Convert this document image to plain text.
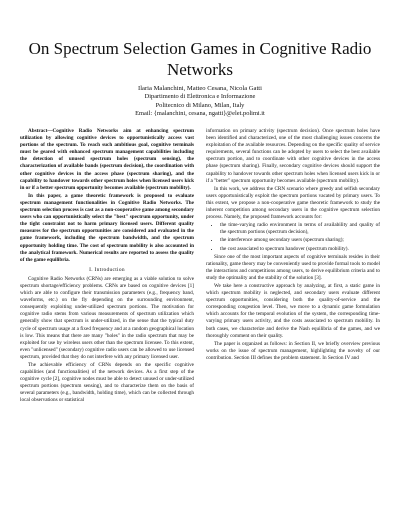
On Spectrum Selection Games in Cognitive Radio Networks
Ilaria Malanchini, Matteo Cesana, Nicola Gatti
Dipartimento di Elettronica e Informazione
Politecnico di Milano, Milan, Italy
Email: {malanchini, cesana, ngatti}@elet.polimi.it

Abstract—Cognitive Radio Networks aim at enhancing spectrum utilization by allowing cognitive devices to opportunistically access vast portions of the spectrum. To reach such ambitious goal, cognitive terminals must be geared with enhanced spectrum management capabilities including the detection of unused spectrum holes (spectrum sensing), the characterization of available bands (spectrum decision), the coordination with other cognitive devices in the access phase (spectrum sharing), and the capability to handover towards other spectrum holes when licensed users kick in or if a better spectrum opportunity becomes available (spectrum mobility).

In this paper, a game theoretic framework is proposed to evaluate spectrum management functionalities in Cognitive Radio Networks. The spectrum selection process is cast as a non-cooperative game among secondary users who can opportunistically select the "best" spectrum opportunity, under the tight constraint not to harm primary licensed users. Different quality measures for the spectrum opportunities are considered and evaluated in the game framework, including the spectrum bandwidth, and the spectrum opportunity holding time. The cost of spectrum mobility is also accounted in the analytical framework. Numerical results are reported to assess the quality of the game equilibria.

I. Introduction

Cognitive Radio Networks (CRNs) are emerging as a viable solution to solve spectrum shortage/efficiency problems. CRNs are based on cognitive devices [1] which are able to configure their transmission parameters (e.g., frequency band, waveforms, etc.) on the fly depending on the surrounding environment, consequently exploiting under-utilized spectrum portions. The motivation for cognitive radio stems from various measurements of spectrum utilization which generally show that spectrum is under-utilized, in the sense that the typical duty cycle of spectrum usage at a fixed frequency and at a random geographical location is low. This means that there are many "holes" in the radio spectrum that may be exploited for use by wireless users other than the spectrum licensee. To this extent, even "unlicensed" (secondary) cognitive radio users can be allowed to use licensed spectrum, provided that they do not interfere with any primary licensed user.

The achievable efficiency of CRNs depends on the specific cognitive capabilities (and functionalities) of the network devices. As a first step of the cognitive cycle [2], cognitive nodes must be able to detect unused or under-utilized spectrum portions (spectrum sensing), and to characterize them on the basis of several parameters (e.g., bandwidth, holding time), which can be collected through local observations or statistical

information on primary activity (spectrum decision). Once spectrum holes have been identified and characterized, one of the most challenging issues concerns the exploitation of the available resources. Depending on the specific quality of service requirements, several functions can be adopted by users to select the best available spectrum portion, and to coordinate with other cognitive devices in the access phase (spectrum sharing). Finally, secondary cognitive devices should support the capability to handover towards other spectrum holes when licensed users kick in or if a "better" spectrum opportunity becomes available (spectrum mobility).

In this work, we address the CRN scenario where greedy and selfish secondary users opportunistically exploit the spectrum portions vacated by primary users. To this extent, we propose a non-cooperative game theoretic framework to study the inherent competition among secondary users in the cognitive spectrum selection process. Namely, the proposed framework accounts for:

• the time-varying radio environment in terms of availability and quality of the spectrum portions (spectrum decision),
• the interference among secondary users (spectrum sharing);
• the cost associated to spectrum handover (spectrum mobility).

Since one of the most important aspects of cognitive terminals resides in their rationality, game theory may be conveniently used to provide formal tools to model the interactions and competitions among users, to derive equilibrium criteria and to study the optimality and the stability of the solution [3].

We take here a constructive approach by analyzing, at first, a static game in which spectrum mobility is neglected, and secondary users evaluate different spectrum opportunities, considering both the quality-of-service and the corresponding congestion level. Then, we move to a dynamic game formulation which accounts for the temporal evolution of the system, the corresponding time-varying primary users activity, and the costs associated to spectrum mobility. In both cases, we characterize and derive the Nash equilibria of the games, and we thoroughly comment on their quality.

The paper is organized as follows: in Section II, we briefly overview previous works on the issue of spectrum management, highlighting the novelty of our contribution. Section III defines the problem statement. In Section IV and
